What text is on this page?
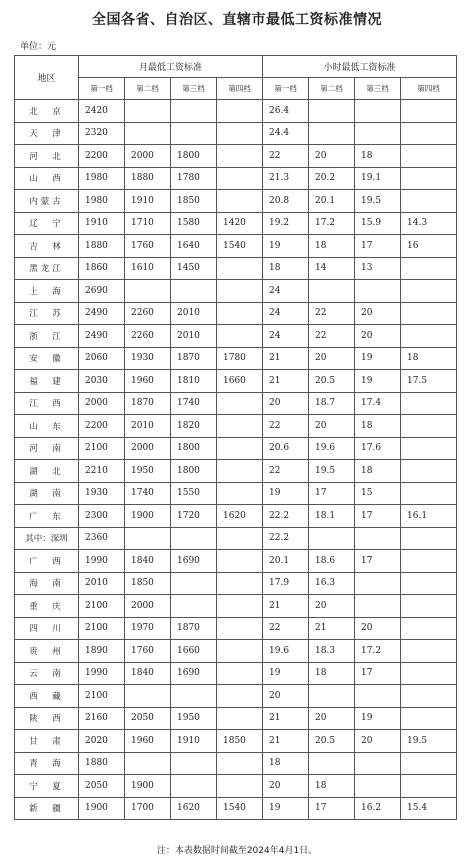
全国各省、自治区、直辖市最低工资标准情况
单位：元
地区	月最低工资标准				小时最低工资标准			
	第一档	第二档	第三档	第四档	第一档	第二档	第三档	第四档
北　京	2420				26.4			
天　津	2320				24.4			
河　北	2200	2000	1800		22	20	18	
山　西	1980	1880	1780		21.3	20.2	19.1	
内蒙古	1980	1910	1850		20.8	20.1	19.5	
辽　宁	1910	1710	1580	1420	19.2	17.2	15.9	14.3
吉　林	1880	1760	1640	1540	19	18	17	16
黑龙江	1860	1610	1450		18	14	13	
上　海	2690				24			
江　苏	2490	2260	2010		24	22	20	
浙　江	2490	2260	2010		24	22	20	
安　徽	2060	1930	1870	1780	21	20	19	18
福　建	2030	1960	1810	1660	21	20.5	19	17.5
江　西	2000	1870	1740		20	18.7	17.4	
山　东	2200	2010	1820		22	20	18	
河　南	2100	2000	1800		20.6	19.6	17.6	
湖　北	2210	1950	1800		22	19.5	18	
湖　南	1930	1740	1550		19	17	15	
广　东	2300	1900	1720	1620	22.2	18.1	17	16.1
其中：深圳	2360				22.2			
广　西	1990	1840	1690		20.1	18.6	17	
海　南	2010	1850			17.9	16.3		
重　庆	2100	2000			21	20		
四　川	2100	1970	1870		22	21	20	
贵　州	1890	1760	1660		19.6	18.3	17.2	
云　南	1990	1840	1690		19	18	17	
西　藏	2100				20			
陕　西	2160	2050	1950		21	20	19	
甘　肃	2020	1960	1910	1850	21	20.5	20	19.5
青　海	1880				18			
宁　夏	2050	1900			20	18		
新　疆	1900	1700	1620	1540	19	17	16.2	15.4
注：本表数据时间截至2024年4月1日。
